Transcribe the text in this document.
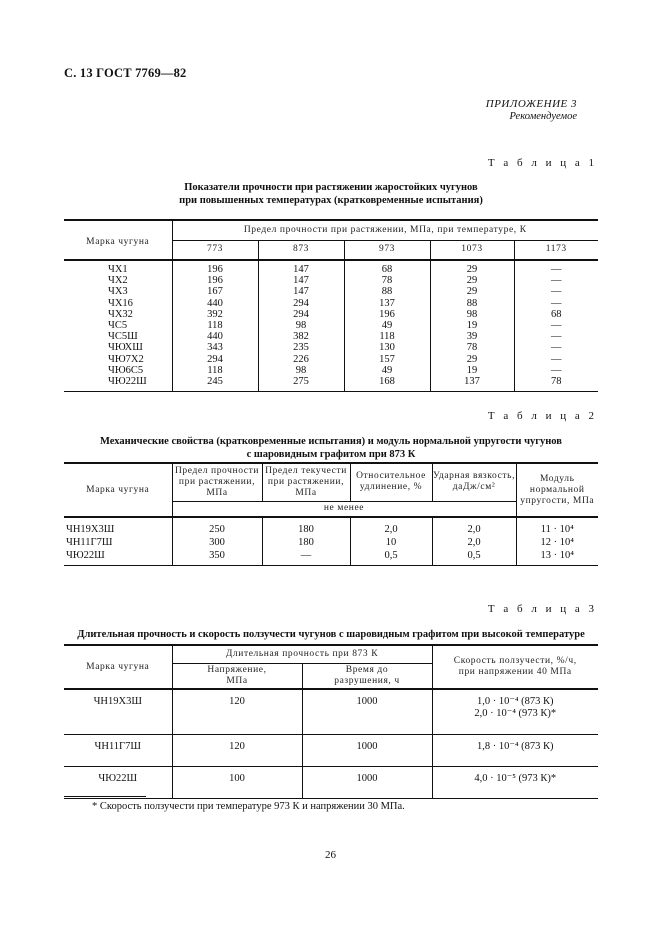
С. 13 ГОСТ 7769—82
ПРИЛОЖЕНИЕ 3
Рекомендуемое
Т а б л и ц а 1
Показатели прочности при растяжении жаростойких чугунов
при повышенных температурах (кратковременные испытания)
Марка чугуна	Предел прочности при растяжении, МПа, при температуре, К				
	773	873	973	1073	1173
ЧХ1	196	147	68	29	—
ЧХ2	196	147	78	29	—
ЧХ3	167	147	88	29	—
ЧХ16	440	294	137	88	—
ЧХ32	392	294	196	98	68
ЧС5	118	98	49	19	—
ЧС5Ш	440	382	118	39	—
ЧЮХШ	343	235	130	78	—
ЧЮ7Х2	294	226	157	29	—
ЧЮ6С5	118	98	49	19	—
ЧЮ22Ш	245	275	168	137	78
Т а б л и ц а 2
Механические свойства (кратковременные испытания) и модуль нормальной упругости чугунов
с шаровидным графитом при 873 К
Марка чугуна	Предел прочности при растяжении, МПа	Предел текучести при растяжении, МПа	Относительное удлинение, %	Ударная вязкость, даДж/см²	Модуль нормальной упругости, МПа
	не менее				
ЧН19Х3Ш	250	180	2,0	2,0	11 · 10⁴
ЧН11Г7Ш	300	180	10	2,0	12 · 10⁴
ЧЮ22Ш	350	—	0,5	0,5	13 · 10⁴
Т а б л и ц а 3
Длительная прочность и скорость ползучести чугунов с шаровидным графитом при высокой температуре
Марка чугуна	Длительная прочность при 873 К		Скорость ползучести, %/ч, при напряжении 40 МПа

	Напряжение, МПа	Время до разрушения, ч	

ЧН19Х3Ш	120	1000	1,0 · 10⁻⁴ (873 К)
2,0 · 10⁻⁴ (973 К)*

ЧН11Г7Ш	120	1000	1,8 · 10⁻⁴ (873 К)

ЧЮ22Ш	100	1000	4,0 · 10⁻⁵ (973 К)*
* Скорость ползучести при температуре 973 К и напряжении 30 МПа.
26
